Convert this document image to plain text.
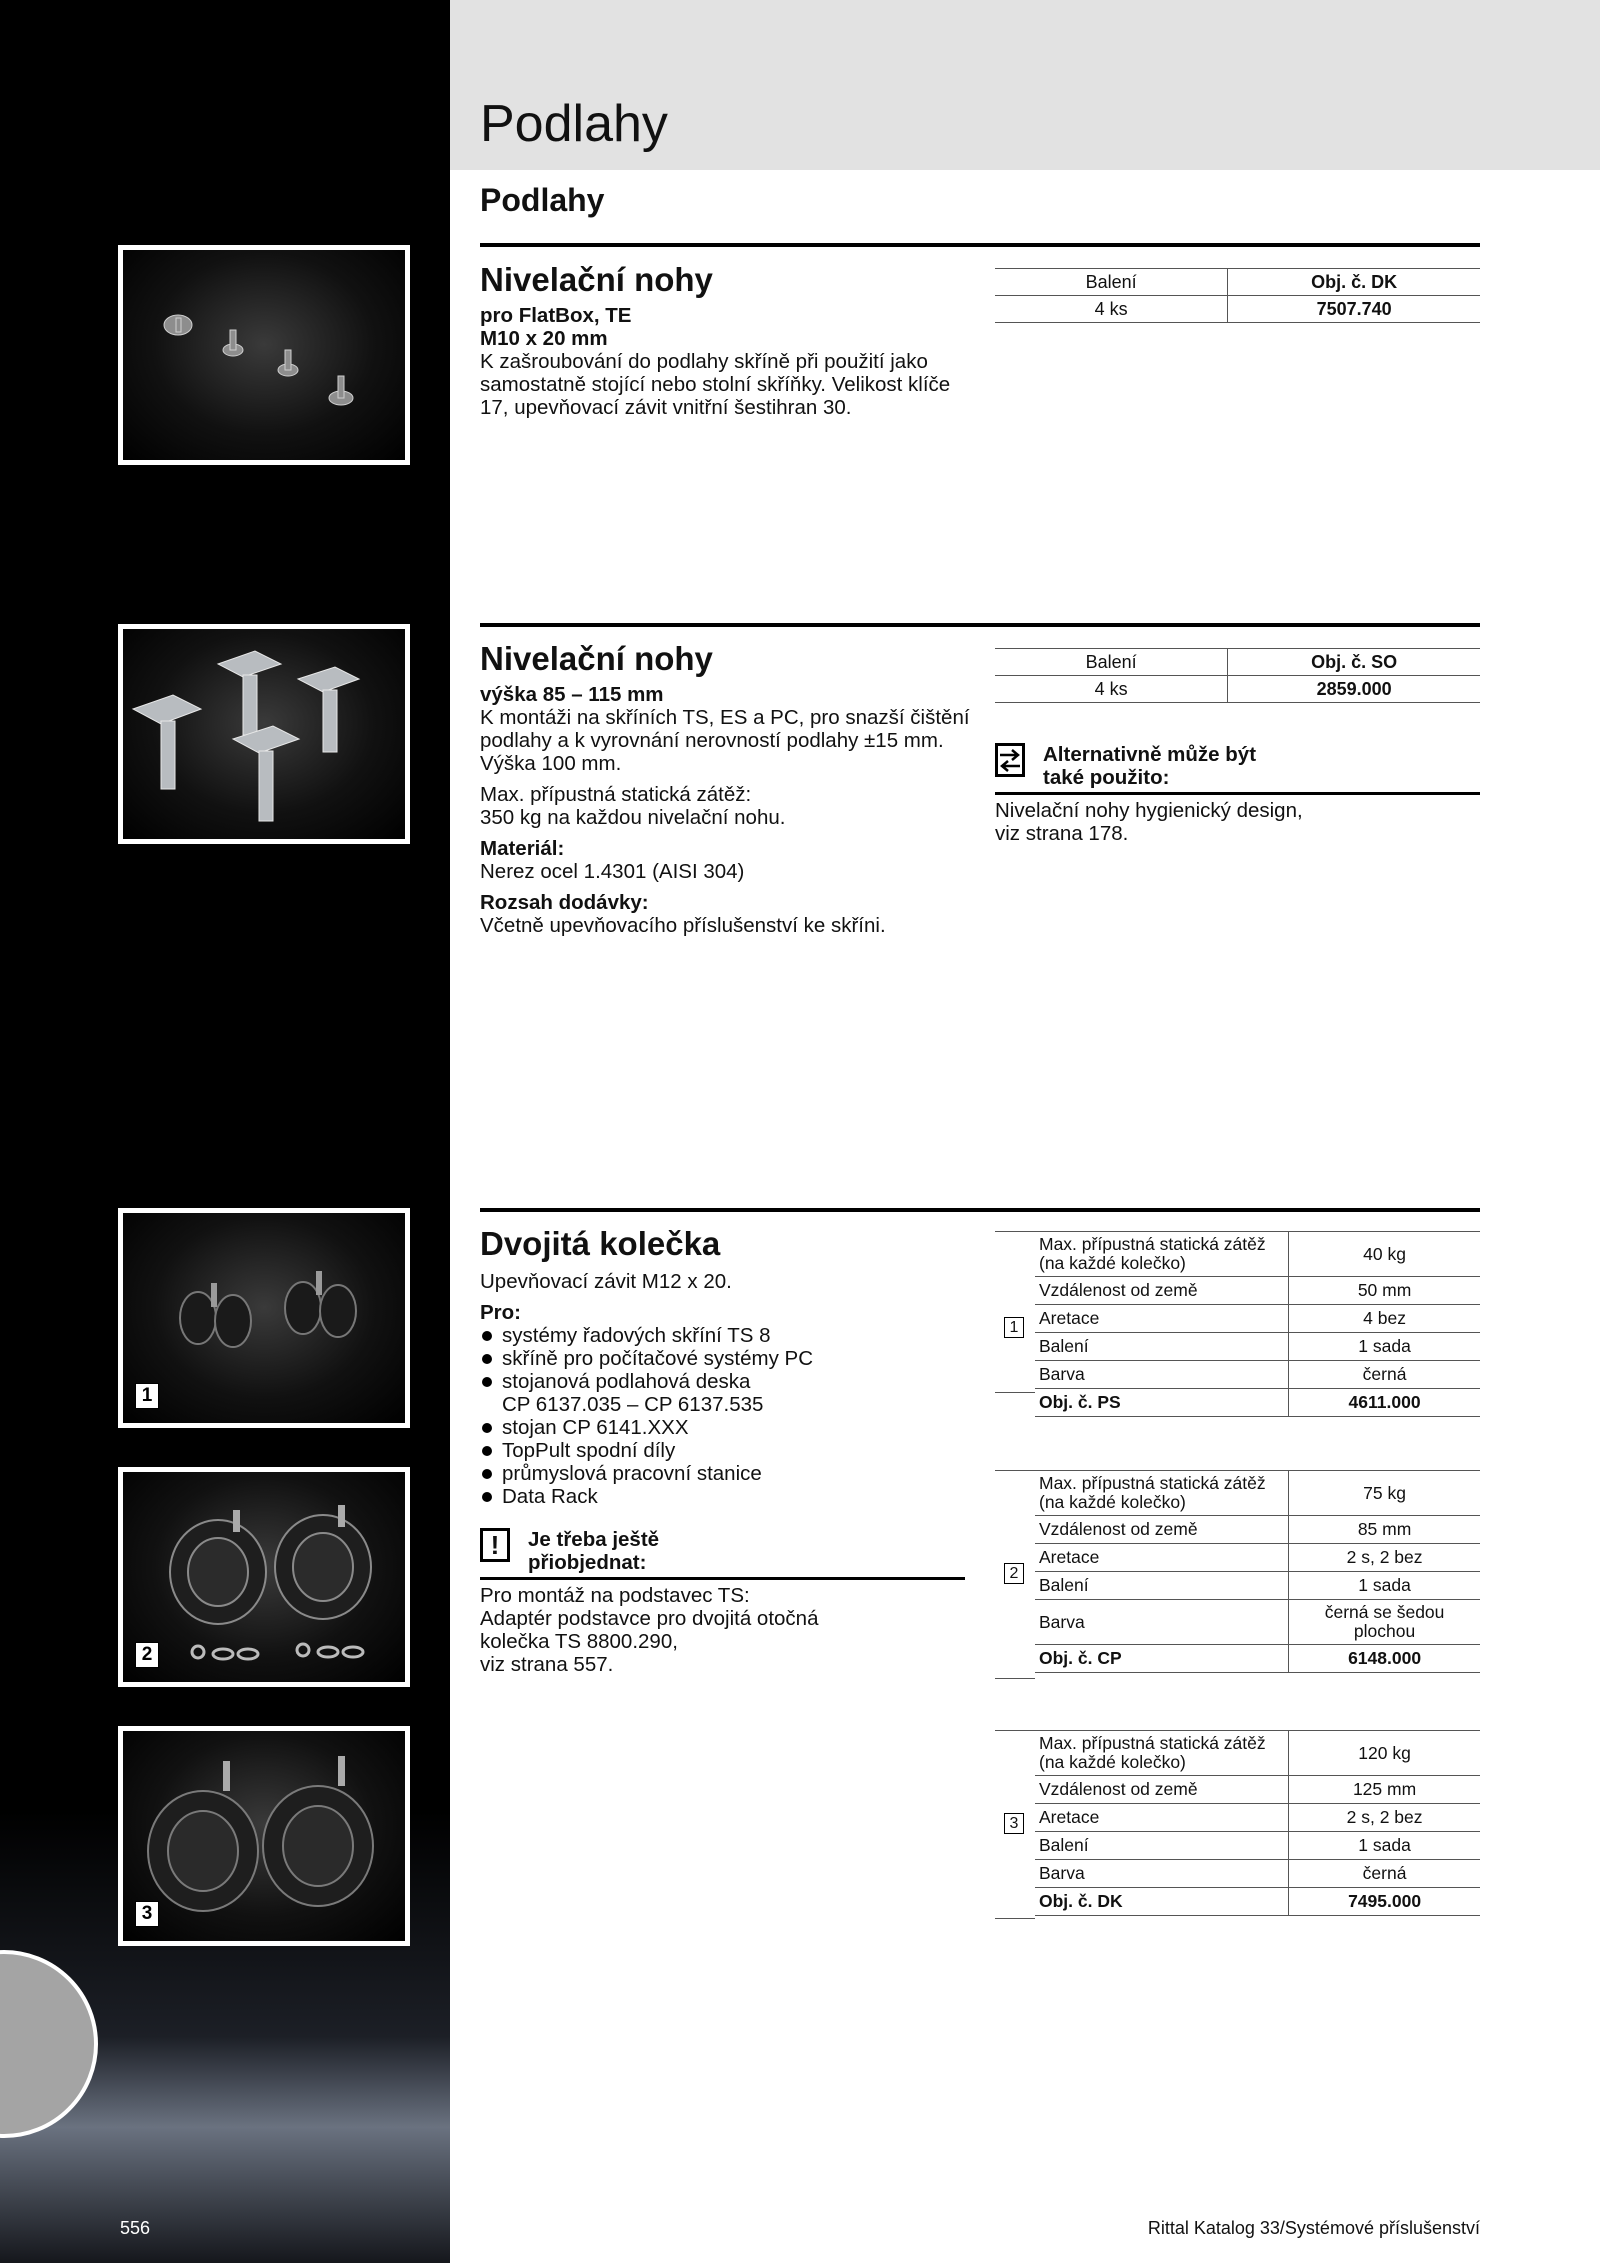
Podlahy
Podlahy

Nivelační nohy

pro FlatBox, TE

M10 x 20 mm

K zašroubování do podlahy skříně při použití jako samostatně stojící nebo stolní skříňky. Velikost klíče 17, upevňovací závit vnitřní šestihran 30.

Balení	Obj. č. DK
4 ks	7507.740

Nivelační nohy

výška 85 – 115 mm

K montáži na skříních TS, ES a PC, pro snazší čištění podlahy a k vyrovnání nerovností podlahy ±15 mm. Výška 100 mm.

Max. přípustná statická zátěž:

350 kg na každou nivelační nohu.

Materiál:

Nerez ocel 1.4301 (AISI 304)

Rozsah dodávky:

Včetně upevňovacího příslušenství ke skříni.

Balení	Obj. č. SO
4 ks	2859.000
Alternativně může být
také použito:
Nivelační nohy hygienický design,
viz strana 178.
1
2
3

Dvojitá kolečka

Upevňovací závit M12 x 20.

Pro:

systémy řadových skříní TS 8
skříně pro počítačové systémy PC
stojanová podlahová deska
CP 6137.035 – CP 6137.535
stojan CP 6141.XXX
TopPult spodní díly
průmyslová pracovní stanice
Data Rack
!	Je třeba ještě
přiobjednat:
Pro montáž na podstavec TS:
Adaptér podstavce pro dvojitá otočná
kolečka TS 8800.290,
viz strana 557.
1
Max. přípustná statická zátěž (na každé kolečko)	40 kg
Vzdálenost od země	50 mm
Aretace	4 bez
Balení	1 sada
Barva	černá
Obj. č. PS	4611.000
2
Max. přípustná statická zátěž (na každé kolečko)	75 kg
Vzdálenost od země	85 mm
Aretace	2 s, 2 bez
Balení	1 sada
Barva	černá se šedou plochou
Obj. č. CP	6148.000
3
Max. přípustná statická zátěž (na každé kolečko)	120 kg
Vzdálenost od země	125 mm
Aretace	2 s, 2 bez
Balení	1 sada
Barva	černá
Obj. č. DK	7495.000
556	Rittal Katalog 33/Systémové příslušenství
